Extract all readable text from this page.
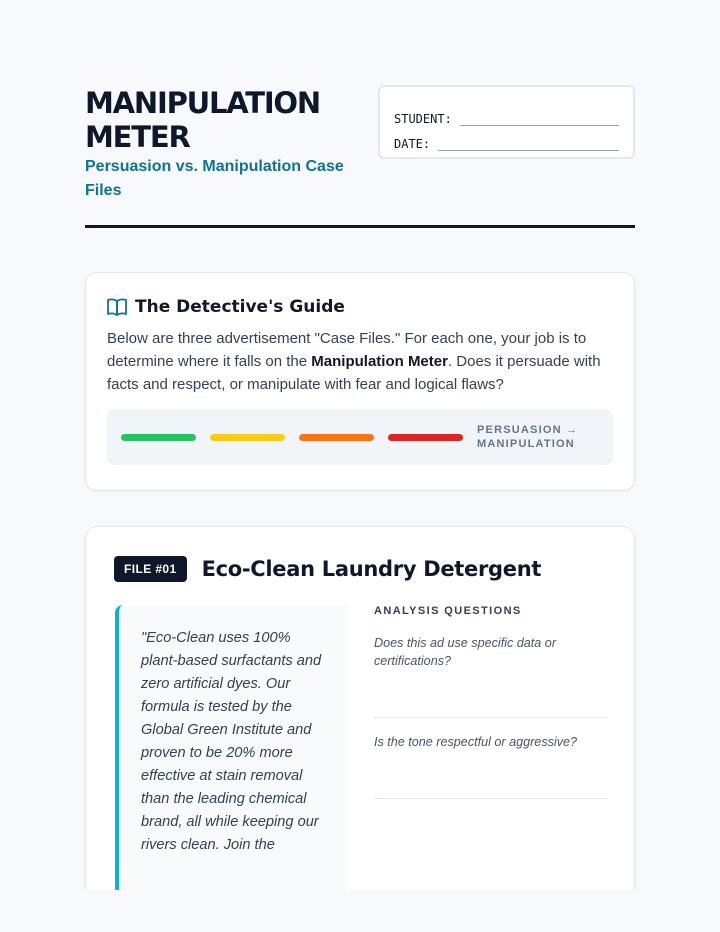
MANIPULATION METER
Persuasion vs. Manipulation Case Files
STUDENT:
DATE:
The Detective's Guide

Below are three advertisement "Case Files." For each one, your job is to determine where it falls on the Manipulation Meter. Does it persuade with facts and respect, or manipulate with fear and logical flaws?

PERSUASION → MANIPULATION
FILE #01	Eco-Clean Laundry Detergent
"Eco-Clean uses 100% plant-based surfactants and zero artificial dyes. Our formula is tested by the Global Green Institute and proven to be 20% more effective at stain removal than the leading chemical brand, all while keeping our rivers clean. Join the
ANALYSIS QUESTIONS
Does this ad use specific data or certifications?
Is the tone respectful or aggressive?
